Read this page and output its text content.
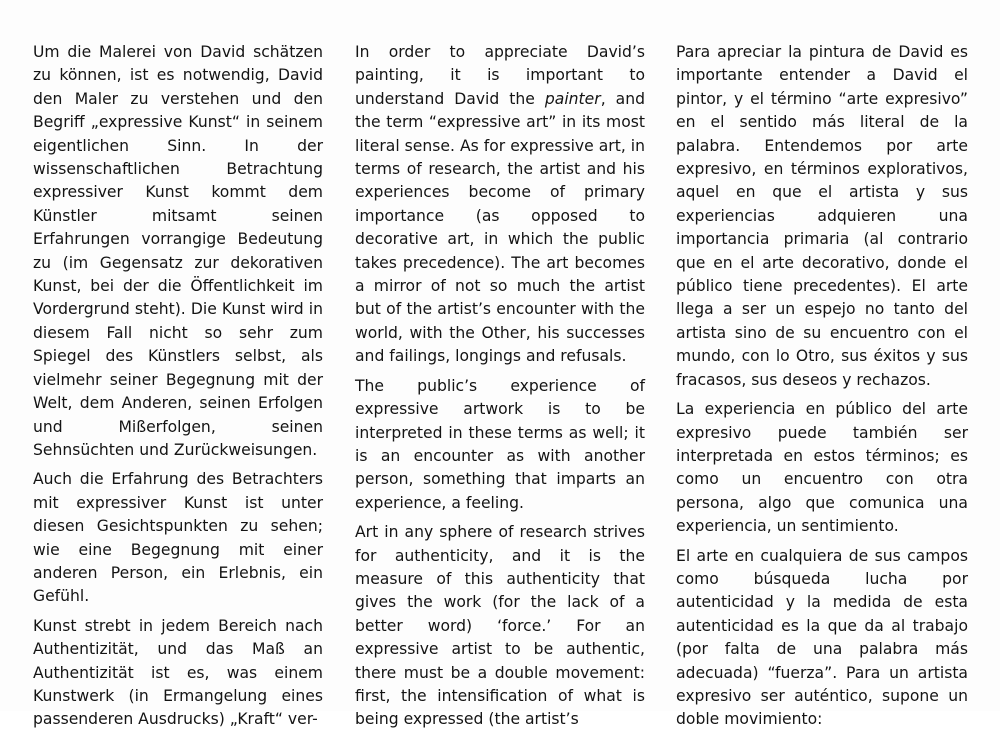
Um die Malerei von David schätzen zu können, ist es notwendig, David den Maler zu verstehen und den Begriff „expressive Kunst“ in seinem eigentlichen Sinn. In der wissenschaftlichen Betrachtung expressiver Kunst kommt dem Künstler mitsamt seinen Erfahrungen vorrangige Bedeutung zu (im Gegensatz zur dekorativen Kunst, bei der die Öffentlichkeit im Vordergrund steht). Die Kunst wird in diesem Fall nicht so sehr zum Spiegel des Künstlers selbst, als vielmehr seiner Begegnung mit der Welt, dem Anderen, seinen Erfolgen und Mißerfolgen, seinen Sehnsüchten und Zurückweisungen.

Auch die Erfahrung des Betrachters mit expressiver Kunst ist unter diesen Gesichtspunkten zu sehen; wie eine Begegnung mit einer anderen Person, ein Erlebnis, ein Gefühl.

Kunst strebt in jedem Bereich nach Authentizität, und das Maß an Authentizität ist es, was einem Kunstwerk (in Ermangelung eines passenderen Ausdrucks) „Kraft“ ver-

In order to appreciate David’s painting, it is important to understand David the painter, and the term “expressive art” in its most literal sense. As for expressive art, in terms of research, the artist and his experiences become of primary importance (as opposed to decorative art, in which the public takes precedence). The art becomes a mirror of not so much the artist but of the artist’s encounter with the world, with the Other, his successes and failings, longings and refusals.

The public’s experience of expressive artwork is to be interpreted in these terms as well; it is an encounter as with another person, something that imparts an experience, a feeling.

Art in any sphere of research strives for authenticity, and it is the measure of this authenticity that gives the work (for the lack of a better word) ‘force.’ For an expressive artist to be authentic, there must be a double movement: first, the intensification of what is being expressed (the artist’s

Para apreciar la pintura de David es importante entender a David el pintor, y el término “arte expresivo” en el sentido más literal de la palabra. Entendemos por arte expresivo, en términos explorativos, aquel en que el artista y sus experiencias adquieren una importancia primaria (al contrario que en el arte decorativo, donde el público tiene precedentes). El arte llega a ser un espejo no tanto del artista sino de su encuentro con el mundo, con lo Otro, sus éxitos y sus fracasos, sus deseos y rechazos.

La experiencia en público del arte expresivo puede también ser interpretada en estos términos; es como un encuentro con otra persona, algo que comunica una experiencia, un sentimiento.

El arte en cualquiera de sus campos como búsqueda lucha por autenticidad y la medida de esta autenticidad es la que da al trabajo (por falta de una palabra más adecuada) “fuerza”. Para un artista expresivo ser auténtico, supone un doble movimiento:
